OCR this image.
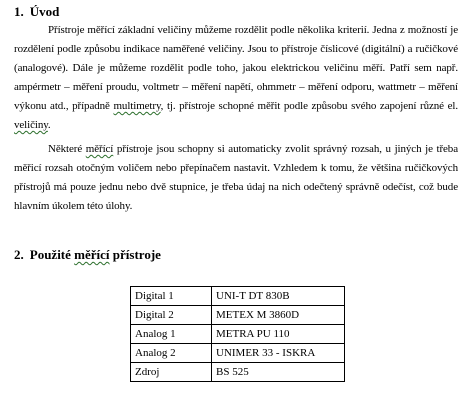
1. Úvod

Přístroje měřící základní veličiny můžeme rozdělit podle několika kriterií. Jedna z možností je rozdělení podle způsobu indikace naměřené veličiny. Jsou to přístroje číslicové (digitální) a ručičkové (analogové). Dále je můžeme rozdělit podle toho, jakou elektrickou veličinu měří. Patří sem např. ampérmetr – měření proudu, voltmetr – měření napětí, ohmmetr – měření odporu, wattmetr – měření výkonu atd., případně multimetry, tj. přístroje schopné měřit podle způsobu svého zapojení různé el. veličiny.

Některé měřící přístroje jsou schopny si automaticky zvolit správný rozsah, u jiných je třeba měřicí rozsah otočným voličem nebo přepínačem nastavit. Vzhledem k tomu, že většina ručičkových přístrojů má pouze jednu nebo dvě stupnice, je třeba údaj na nich odečtený správně odečíst, což bude hlavním úkolem této úlohy.

2. Použité měřící přístroje
Digital 1	UNI-T DT 830B
Digital 2	METEX M 3860D
Analog 1	METRA PU 110
Analog 2	UNIMER 33 - ISKRA
Zdroj	BS 525
